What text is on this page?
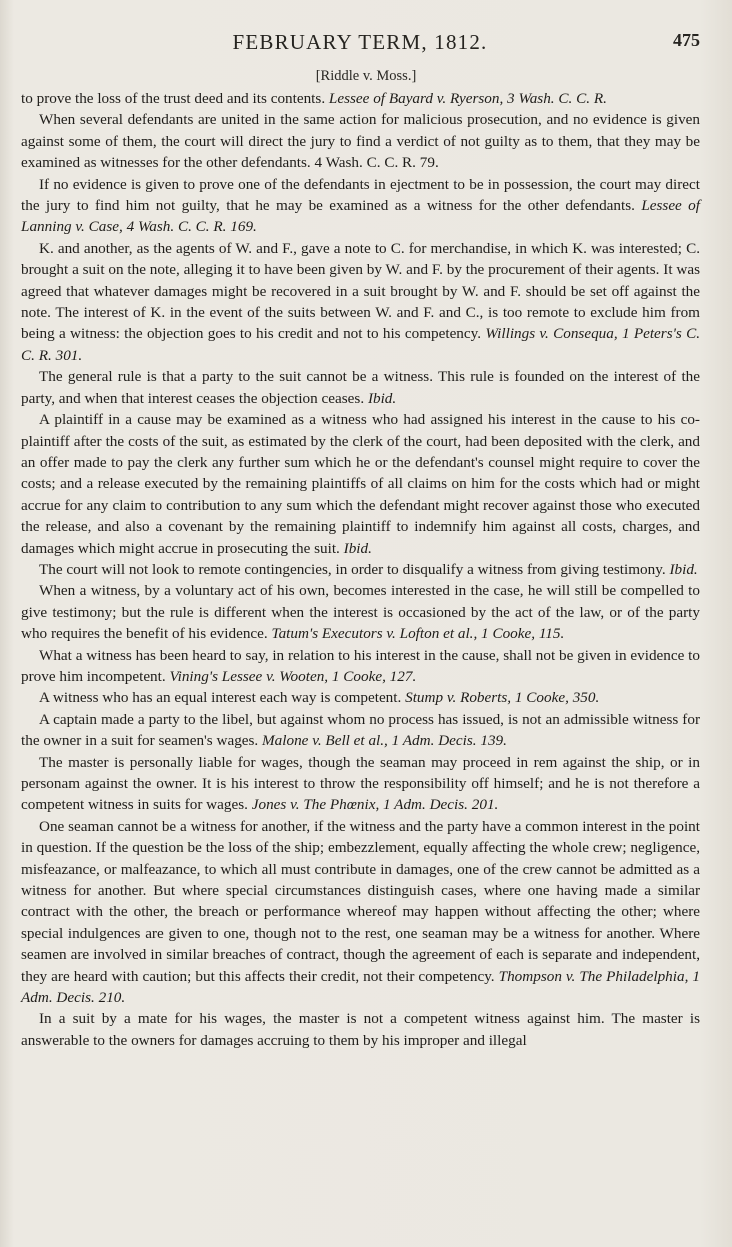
FEBRUARY TERM, 1812.	475
[Riddle v. Moss.]

to prove the loss of the trust deed and its contents. Lessee of Bayard v. Ryerson, 3 Wash. C. C. R.

When several defendants are united in the same action for malicious prosecution, and no evidence is given against some of them, the court will direct the jury to find a verdict of not guilty as to them, that they may be examined as witnesses for the other defendants. 4 Wash. C. C. R. 79.

If no evidence is given to prove one of the defendants in ejectment to be in possession, the court may direct the jury to find him not guilty, that he may be examined as a witness for the other defendants. Lessee of Lanning v. Case, 4 Wash. C. C. R. 169.

K. and another, as the agents of W. and F., gave a note to C. for merchandise, in which K. was interested; C. brought a suit on the note, alleging it to have been given by W. and F. by the procurement of their agents. It was agreed that whatever damages might be recovered in a suit brought by W. and F. should be set off against the note. The interest of K. in the event of the suits between W. and F. and C., is too remote to exclude him from being a witness: the objection goes to his credit and not to his competency. Willings v. Consequa, 1 Peters's C. C. R. 301.

The general rule is that a party to the suit cannot be a witness. This rule is founded on the interest of the party, and when that interest ceases the objection ceases. Ibid.

A plaintiff in a cause may be examined as a witness who had assigned his interest in the cause to his co-plaintiff after the costs of the suit, as estimated by the clerk of the court, had been deposited with the clerk, and an offer made to pay the clerk any further sum which he or the defendant's counsel might require to cover the costs; and a release executed by the remaining plaintiffs of all claims on him for the costs which had or might accrue for any claim to contribution to any sum which the defendant might recover against those who executed the release, and also a covenant by the remaining plaintiff to indemnify him against all costs, charges, and damages which might accrue in prosecuting the suit. Ibid.

The court will not look to remote contingencies, in order to disqualify a witness from giving testimony. Ibid.

When a witness, by a voluntary act of his own, becomes interested in the case, he will still be compelled to give testimony; but the rule is different when the interest is occasioned by the act of the law, or of the party who requires the benefit of his evidence. Tatum's Executors v. Lofton et al., 1 Cooke, 115.

What a witness has been heard to say, in relation to his interest in the cause, shall not be given in evidence to prove him incompetent. Vining's Lessee v. Wooten, 1 Cooke, 127.

A witness who has an equal interest each way is competent. Stump v. Roberts, 1 Cooke, 350.

A captain made a party to the libel, but against whom no process has issued, is not an admissible witness for the owner in a suit for seamen's wages. Malone v. Bell et al., 1 Adm. Decis. 139.

The master is personally liable for wages, though the seaman may proceed in rem against the ship, or in personam against the owner. It is his interest to throw the responsibility off himself; and he is not therefore a competent witness in suits for wages. Jones v. The Phœnix, 1 Adm. Decis. 201.

One seaman cannot be a witness for another, if the witness and the party have a common interest in the point in question. If the question be the loss of the ship; embezzlement, equally affecting the whole crew; negligence, misfeazance, or malfeazance, to which all must contribute in damages, one of the crew cannot be admitted as a witness for another. But where special circumstances distinguish cases, where one having made a similar contract with the other, the breach or performance whereof may happen without affecting the other; where special indulgences are given to one, though not to the rest, one seaman may be a witness for another. Where seamen are involved in similar breaches of contract, though the agreement of each is separate and independent, they are heard with caution; but this affects their credit, not their competency. Thompson v. The Philadelphia, 1 Adm. Decis. 210.

In a suit by a mate for his wages, the master is not a competent witness against him. The master is answerable to the owners for damages accruing to them by his improper and illegal
